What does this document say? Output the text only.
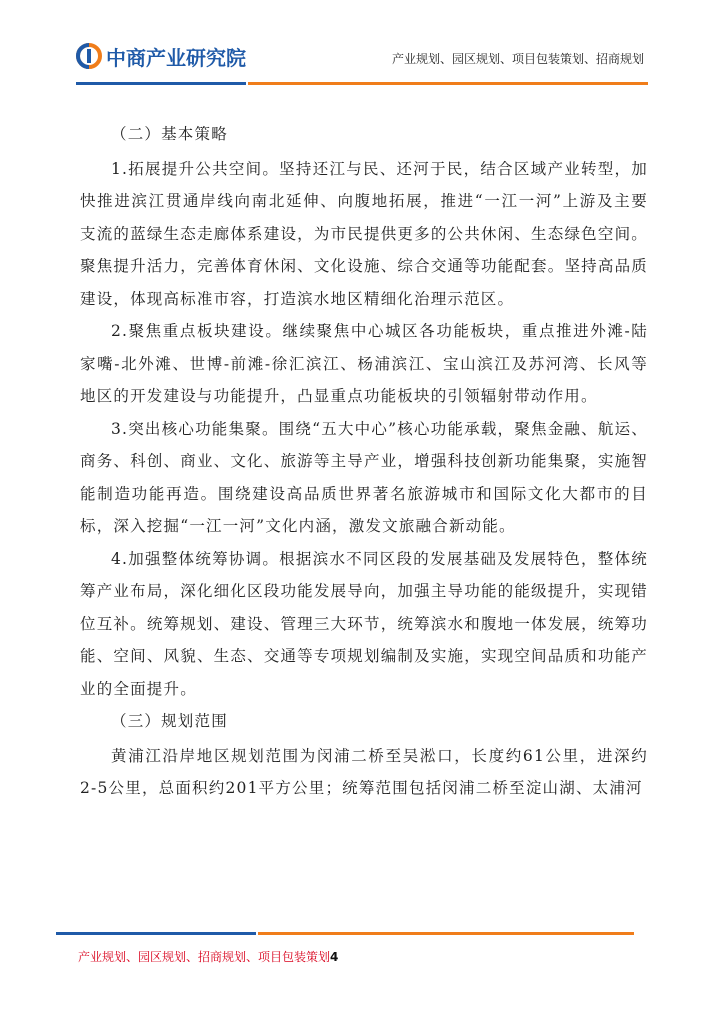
中商产业研究院	产业规划、园区规划、项目包装策划、招商规划

（二）基本策略

1.拓展提升公共空间。坚持还江与民、还河于民，结合区域产业转型，加快推进滨江贯通岸线向南北延伸、向腹地拓展，推进“一江一河”上游及主要支流的蓝绿生态走廊体系建设，为市民提供更多的公共休闲、生态绿色空间。聚焦提升活力，完善体育休闲、文化设施、综合交通等功能配套。坚持高品质建设，体现高标准市容，打造滨水地区精细化治理示范区。

2.聚焦重点板块建设。继续聚焦中心城区各功能板块，重点推进外滩-陆家嘴-北外滩、世博-前滩-徐汇滨江、杨浦滨江、宝山滨江及苏河湾、长风等地区的开发建设与功能提升，凸显重点功能板块的引领辐射带动作用。

3.突出核心功能集聚。围绕“五大中心”核心功能承载，聚焦金融、航运、商务、科创、商业、文化、旅游等主导产业，增强科技创新功能集聚，实施智能制造功能再造。围绕建设高品质世界著名旅游城市和国际文化大都市的目标，深入挖掘“一江一河”文化内涵，激发文旅融合新动能。

4.加强整体统筹协调。根据滨水不同区段的发展基础及发展特色，整体统筹产业布局，深化细化区段功能发展导向，加强主导功能的能级提升，实现错位互补。统筹规划、建设、管理三大环节，统筹滨水和腹地一体发展，统筹功能、空间、风貌、生态、交通等专项规划编制及实施，实现空间品质和功能产业的全面提升。

（三）规划范围

黄浦江沿岸地区规划范围为闵浦二桥至吴淞口，长度约61公里，进深约2-5公里，总面积约201平方公里；统筹范围包括闵浦二桥至淀山湖、太浦河

产业规划、园区规划、招商规划、项目包装策划4
